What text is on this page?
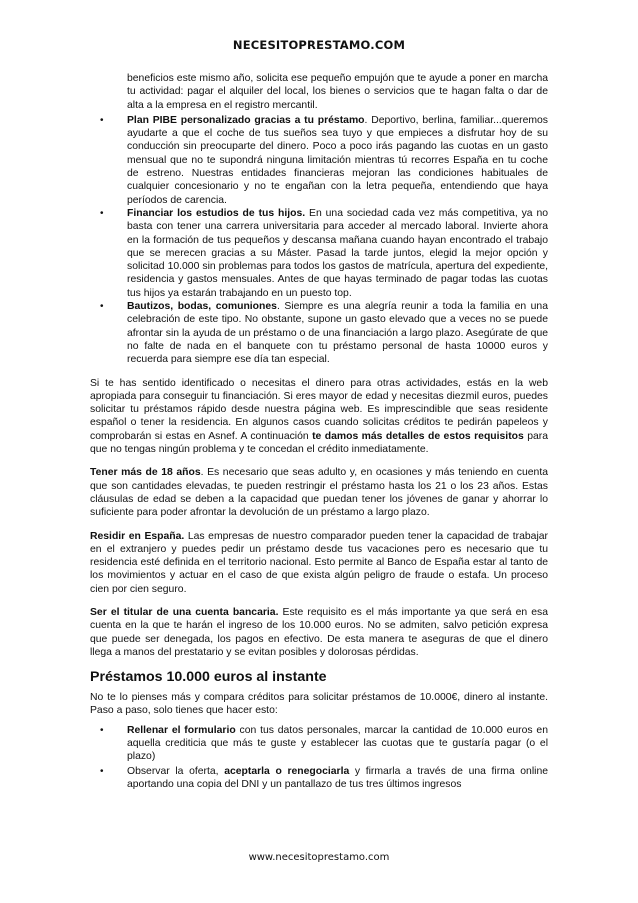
NECESITOPRESTAMO.COM

beneficios este mismo año, solicita ese pequeño empujón que te ayude a poner en marcha tu actividad: pagar el alquiler del local, los bienes o servicios que te hagan falta o dar de alta a la empresa en el registro mercantil.

• Plan PIBE personalizado gracias a tu préstamo. Deportivo, berlina, familiar...queremos ayudarte a que el coche de tus sueños sea tuyo y que empieces a disfrutar hoy de su conducción sin preocuparte del dinero. Poco a poco irás pagando las cuotas en un gasto mensual que no te supondrá ninguna limitación mientras tú recorres España en tu coche de estreno. Nuestras entidades financieras mejoran las condiciones habituales de cualquier concesionario y no te engañan con la letra pequeña, entendiendo que haya períodos de carencia.
• Financiar los estudios de tus hijos. En una sociedad cada vez más competitiva, ya no basta con tener una carrera universitaria para acceder al mercado laboral. Invierte ahora en la formación de tus pequeños y descansa mañana cuando hayan encontrado el trabajo que se merecen gracias a su Máster. Pasad la tarde juntos, elegid la mejor opción y solicitad 10.000 sin problemas para todos los gastos de matrícula, apertura del expediente, residencia y gastos mensuales. Antes de que hayas terminado de pagar todas las cuotas tus hijos ya estarán trabajando en un puesto top.
• Bautizos, bodas, comuniones. Siempre es una alegría reunir a toda la familia en una celebración de este tipo. No obstante, supone un gasto elevado que a veces no se puede afrontar sin la ayuda de un préstamo o de una financiación a largo plazo. Asegúrate de que no falte de nada en el banquete con tu préstamo personal de hasta 10000 euros y recuerda para siempre ese día tan especial.

Si te has sentido identificado o necesitas el dinero para otras actividades, estás en la web apropiada para conseguir tu financiación. Si eres mayor de edad y necesitas diezmil euros, puedes solicitar tu préstamos rápido desde nuestra página web. Es imprescindible que seas residente español o tener la residencia. En algunos casos cuando solicitas créditos te pedirán papeleos y comprobarán si estas en Asnef. A continuación te damos más detalles de estos requisitos para que no tengas ningún problema y te concedan el crédito inmediatamente.

Tener más de 18 años. Es necesario que seas adulto y, en ocasiones y más teniendo en cuenta que son cantidades elevadas, te pueden restringir el préstamo hasta los 21 o los 23 años. Estas cláusulas de edad se deben a la capacidad que puedan tener los jóvenes de ganar y ahorrar lo suficiente para poder afrontar la devolución de un préstamo a largo plazo.

Residir en España. Las empresas de nuestro comparador pueden tener la capacidad de trabajar en el extranjero y puedes pedir un préstamo desde tus vacaciones pero es necesario que tu residencia esté definida en el territorio nacional. Esto permite al Banco de España estar al tanto de los movimientos y actuar en el caso de que exista algún peligro de fraude o estafa. Un proceso cien por cien seguro.

Ser el titular de una cuenta bancaria. Este requisito es el más importante ya que será en esa cuenta en la que te harán el ingreso de los 10.000 euros. No se admiten, salvo petición expresa que puede ser denegada, los pagos en efectivo. De esta manera te aseguras de que el dinero llega a manos del prestatario y se evitan posibles y dolorosas pérdidas.

Préstamos 10.000 euros al instante

No te lo pienses más y compara créditos para solicitar préstamos de 10.000€, dinero al instante. Paso a paso, solo tienes que hacer esto:

• Rellenar el formulario con tus datos personales, marcar la cantidad de 10.000 euros en aquella crediticia que más te guste y establecer las cuotas que te gustaría pagar (o el plazo)
• Observar la oferta, aceptarla o renegociarla y firmarla a través de una firma online aportando una copia del DNI y un pantallazo de tus tres últimos ingresos
www.necesitoprestamo.com
